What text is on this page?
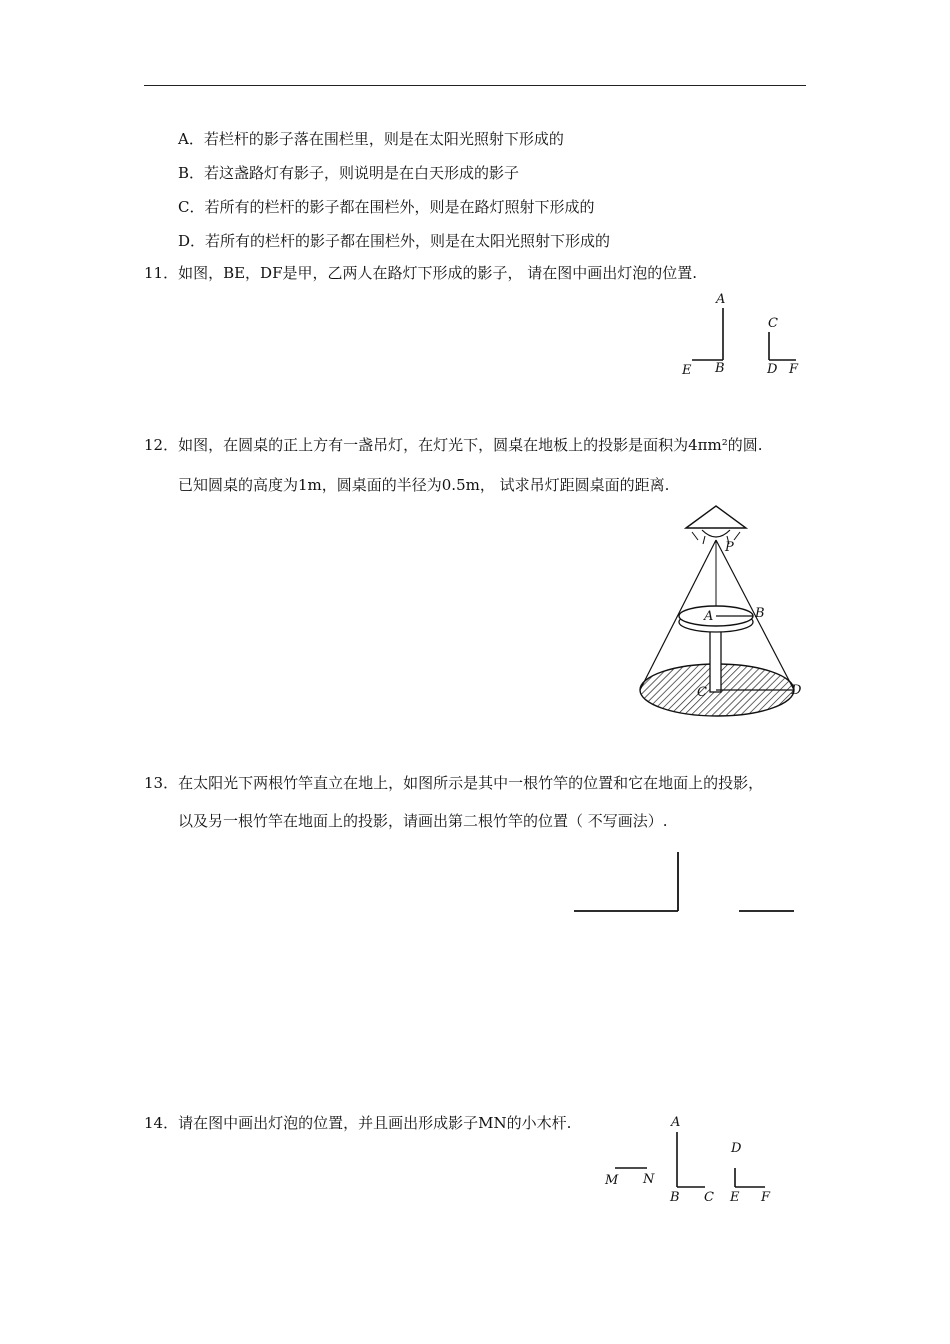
A．若栏杆的影子落在围栏里，则是在太阳光照射下形成的
B．若这盏路灯有影子，则说明是在白天形成的影子
C．若所有的栏杆的影子都在围栏外，则是在路灯照射下形成的
D．若所有的栏杆的影子都在围栏外，则是在太阳光照射下形成的
11．如图，BE，DF是甲，乙两人在路灯下形成的影子， 请在图中画出灯泡的位置.
A
E B
C
D F
12．如图，在圆桌的正上方有一盏吊灯，在灯光下，圆桌在地板上的投影是面积为4πm²的圆.
已知圆桌的高度为1m，圆桌面的半径为0.5m， 试求吊灯距圆桌面的距离.
P
A	B
C	D
13．在太阳光下两根竹竿直立在地上，如图所示是其中一根竹竿的位置和它在地面上的投影，
以及另一根竹竿在地面上的投影，请画出第二根竹竿的位置（ 不写画法）.
14．请在图中画出灯泡的位置，并且画出形成影子MN的小木杆.	A
M N
B C
D
E F
